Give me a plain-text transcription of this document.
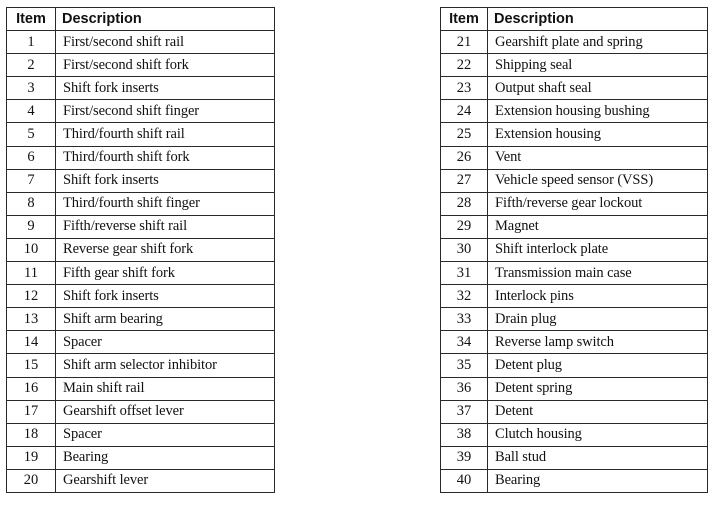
Item	Description
1	First/second shift rail
2	First/second shift fork
3	Shift fork inserts
4	First/second shift finger
5	Third/fourth shift rail
6	Third/fourth shift fork
7	Shift fork inserts
8	Third/fourth shift finger
9	Fifth/reverse shift rail
10	Reverse gear shift fork
11	Fifth gear shift fork
12	Shift fork inserts
13	Shift arm bearing
14	Spacer
15	Shift arm selector inhibitor
16	Main shift rail
17	Gearshift offset lever
18	Spacer
19	Bearing
20	Gearshift lever
Item	Description
21	Gearshift plate and spring
22	Shipping seal
23	Output shaft seal
24	Extension housing bushing
25	Extension housing
26	Vent
27	Vehicle speed sensor (VSS)
28	Fifth/reverse gear lockout
29	Magnet
30	Shift interlock plate
31	Transmission main case
32	Interlock pins
33	Drain plug
34	Reverse lamp switch
35	Detent plug
36	Detent spring
37	Detent
38	Clutch housing
39	Ball stud
40	Bearing
